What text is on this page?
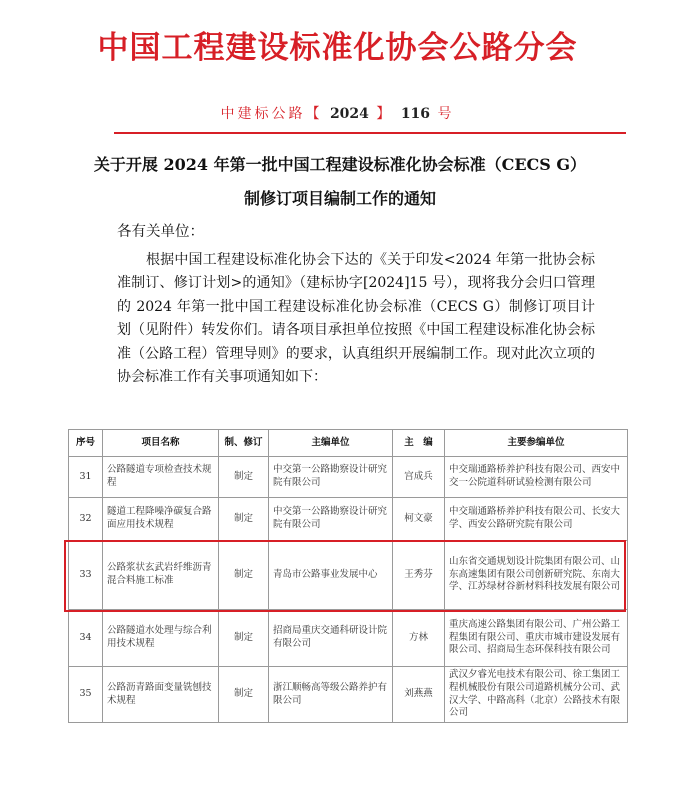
中国工程建设标准化协会公路分会
中建标公路【 2024 】 116 号
关于开展 2024 年第一批中国工程建设标准化协会标准（CECS G）
制修订项目编制工作的通知
各有关单位：
根据中国工程建设标准化协会下达的《关于印发<2024 年第一批协会标准制订、修订计划>的通知》（建标协字[2024]15 号），现将我分会归口管理的 2024 年第一批中国工程建设标准化协会标准（CECS G）制修订项目计划（见附件）转发你们。请各项目承担单位按照《中国工程建设标准化协会标准（公路工程）管理导则》的要求，认真组织开展编制工作。现对此次立项的协会标准工作有关事项通知如下：
序号	项目名称	制、修订	主编单位	主　编	主要参编单位
31	公路隧道专项检查技术规程	制定	中交第一公路勘察设计研究院有限公司	宫成兵	中交瑞通路桥养护科技有限公司、西安中交一公院道科研试验检测有限公司
32	隧道工程降噪净碳复合路面应用技术规程	制定	中交第一公路勘察设计研究院有限公司	柯文豪	中交瑞通路桥养护科技有限公司、长安大学、西安公路研究院有限公司
33	公路浆状玄武岩纤维沥青混合料施工标准	制定	青岛市公路事业发展中心	王秀芬	山东省交通规划设计院集团有限公司、山东高速集团有限公司创新研究院、东南大学、江苏绿材谷新材料科技发展有限公司
34	公路隧道水处理与综合利用技术规程	制定	招商局重庆交通科研设计院有限公司	方林	重庆高速公路集团有限公司、广州公路工程集团有限公司、重庆市城市建设发展有限公司、招商局生态环保科技有限公司
35	公路沥青路面变量铣刨技术规程	制定	浙江顺畅高等级公路养护有限公司	刘燕燕	武汉夕睿光电技术有限公司、徐工集团工程机械股份有限公司道路机械分公司、武汉大学、中路高科（北京）公路技术有限公司
